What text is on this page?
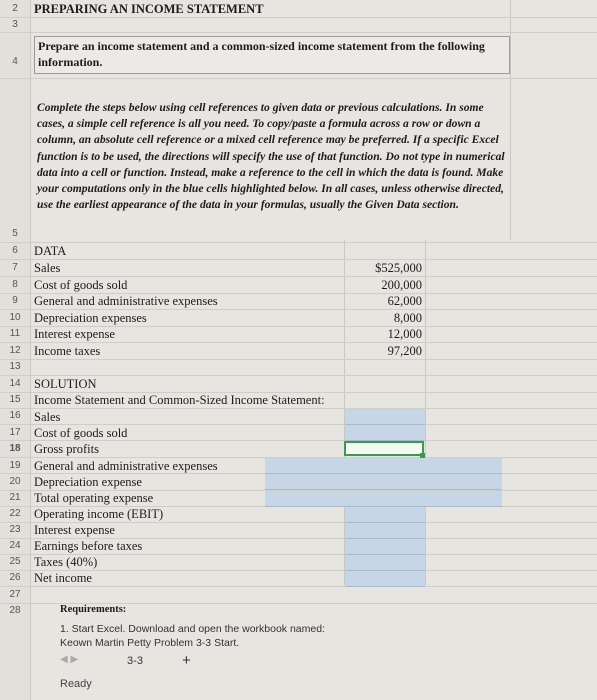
2
3
4
5
6
7
8
9
10
11
12
13
14
15
16
17
18
19
20
21
22
23
24
25
26
27
28
PREPARING AN INCOME STATEMENT
Prepare an income statement and a common-sized income statement from the following information.
Complete the steps below using cell references to given data or previous calculations. In some cases, a simple cell reference is all you need. To copy/paste a formula across a row or down a column, an absolute cell reference or a mixed cell reference may be preferred. If a specific Excel function is to be used, the directions will specify the use of that function. Do not type in numerical data into a cell or function. Instead, make a reference to the cell in which the data is found. Make your computations only in the blue cells highlighted below. In all cases, unless otherwise directed, use the earliest appearance of the data in your formulas, usually the Given Data section.
DATA
Sales	$525,000
Cost of goods sold	200,000
General and administrative expenses	62,000
Depreciation expenses	8,000
Interest expense	12,000
Income taxes	97,200
SOLUTION
Income Statement and Common-Sized Income Statement:
Sales
Cost of goods sold
Gross profits
General and administrative expenses
Depreciation expense
Total operating expense
Operating income (EBIT)
Interest expense
Earnings before taxes
Taxes (40%)
Net income
Requirements:
1. Start Excel. Download and open the workbook named:
Keown Martin Petty Problem 3-3 Start.
◀ ▶	3-3	+
Ready
